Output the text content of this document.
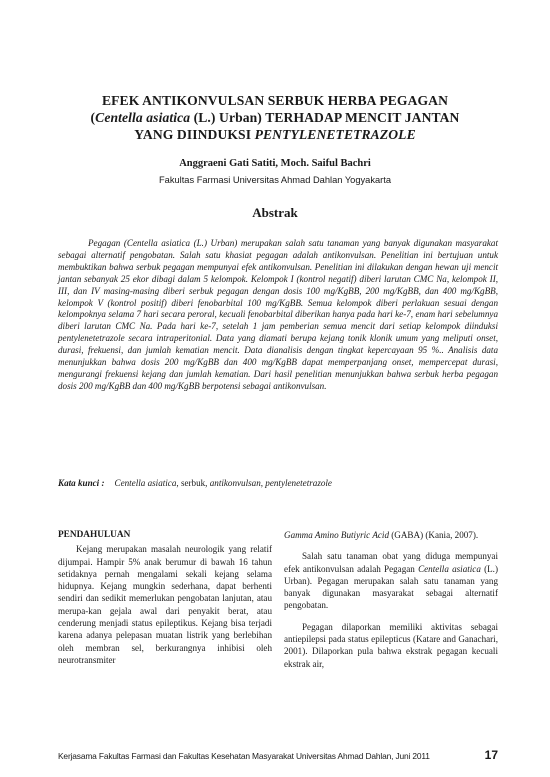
EFEK ANTIKONVULSAN SERBUK HERBA PEGAGAN
(Centella asiatica (L.) Urban) TERHADAP MENCIT JANTAN
YANG DIINDUKSI PENTYLENETETRAZOLE
Anggraeni Gati Satiti, Moch. Saiful Bachri
Fakultas Farmasi Universitas Ahmad Dahlan Yogyakarta
Abstrak

Pegagan (Centella asiatica (L.) Urban) merupakan salah satu tanaman yang banyak digunakan masyarakat sebagai alternatif pengobatan. Salah satu khasiat pegagan adalah antikonvulsan. Penelitian ini bertujuan untuk membuktikan bahwa serbuk pegagan mempunyai efek antikonvulsan. Penelitian ini dilakukan dengan hewan uji mencit jantan sebanyak 25 ekor dibagi dalam 5 kelompok. Kelompok I (kontrol negatif) diberi larutan CMC Na, kelompok II, III, dan IV masing-masing diberi serbuk pegagan dengan dosis 100 mg/KgBB, 200 mg/KgBB, dan 400 mg/KgBB, kelompok V (kontrol positif) diberi fenobarbital 100 mg/KgBB. Semua kelompok diberi perlakuan sesuai dengan kelompoknya selama 7 hari secara peroral, kecuali fenobarbital diberikan hanya pada hari ke-7, enam hari sebelumnya diberi larutan CMC Na. Pada hari ke-7, setelah 1 jam pemberian semua mencit dari setiap kelompok diinduksi pentylenetetrazole secara intraperitonial. Data yang diamati berupa kejang tonik klonik umum yang meliputi onset, durasi, frekuensi, dan jumlah kematian mencit. Data dianalisis dengan tingkat kepercayaan 95 %.. Analisis data menunjukkan bahwa dosis 200 mg/KgBB dan 400 mg/KgBB dapat memperpanjang onset, mempercepat durasi, mengurangi frekuensi kejang dan jumlah kematian. Dari hasil penelitian menunjukkan bahwa serbuk herba pegagan dosis 200 mg/KgBB dan 400 mg/KgBB berpotensi sebagai antikonvulsan.

Kata kunci : Centella asiatica, serbuk, antikonvulsan, pentylenetetrazole

PENDAHULUAN

Kejang merupakan masalah neurologik yang relatif dijumpai. Hampir 5% anak berumur di bawah 16 tahun setidaknya pernah mengalami sekali kejang selama hidupnya. Kejang mungkin sederhana, dapat berhenti sendiri dan sedikit memerlukan pengobatan lanjutan, atau merupa-kan gejala awal dari penyakit berat, atau cenderung menjadi status epileptikus. Kejang bisa terjadi karena adanya pelepasan muatan listrik yang berlebihan oleh membran sel, berkurangnya inhibisi oleh neurotransmiter

Gamma Amino Butiyric Acid (GABA) (Kania, 2007).

Salah satu tanaman obat yang diduga mempunyai efek antikonvulsan adalah Pegagan Centella asiatica (L.) Urban). Pegagan merupakan salah satu tanaman yang banyak digunakan masyarakat sebagai alternatif pengobatan.

Pegagan dilaporkan memiliki aktivitas sebagai antiepilepsi pada status epilepticus (Katare and Ganachari, 2001). Dilaporkan pula bahwa ekstrak pegagan kecuali ekstrak air,

Kerjasama Fakultas Farmasi dan Fakultas Kesehatan Masyarakat Universitas Ahmad Dahlan, Juni 2011	17
